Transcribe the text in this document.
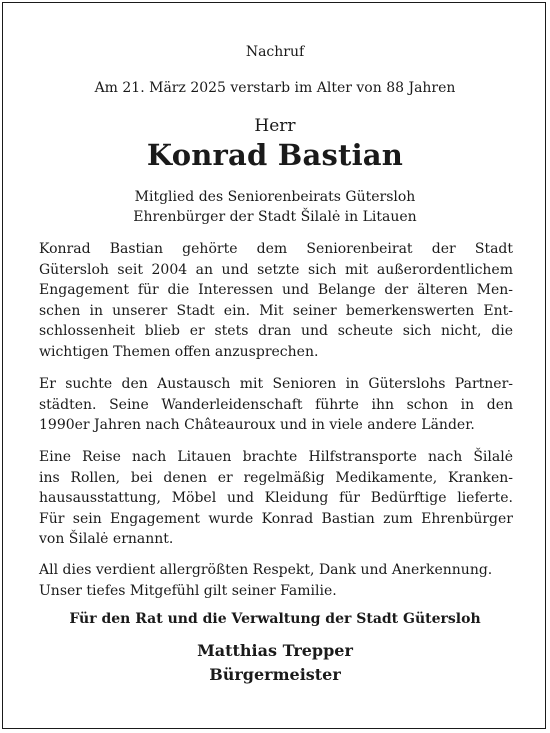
Nachruf
Am 21. März 2025 verstarb im Alter von 88 Jahren
Herr
Konrad Bastian
Mitglied des Seniorenbeirats Gütersloh
Ehrenbürger der Stadt Šilalė in Litauen
Konrad Bastian gehörte dem Seniorenbeirat der Stadt
Gütersloh seit 2004 an und setzte sich mit außerordentlichem
Engagement für die Interessen und Belange der älteren Men-
schen in unserer Stadt ein. Mit seiner bemerkenswerten Ent-
schlossenheit blieb er stets dran und scheute sich nicht, die
wichtigen Themen offen anzusprechen.
Er suchte den Austausch mit Senioren in Güterslohs Partner-
städten. Seine Wanderleidenschaft führte ihn schon in den
1990er Jahren nach Châteauroux und in viele andere Länder.
Eine Reise nach Litauen brachte Hilfstransporte nach Šilalė
ins Rollen, bei denen er regelmäßig Medikamente, Kranken-
hausausstattung, Möbel und Kleidung für Bedürftige lieferte.
Für sein Engagement wurde Konrad Bastian zum Ehrenbürger
von Šilalė ernannt.
All dies verdient allergrößten Respekt, Dank und Anerkennung.
Unser tiefes Mitgefühl gilt seiner Familie.
Für den Rat und die Verwaltung der Stadt Gütersloh
Matthias Trepper
Bürgermeister
